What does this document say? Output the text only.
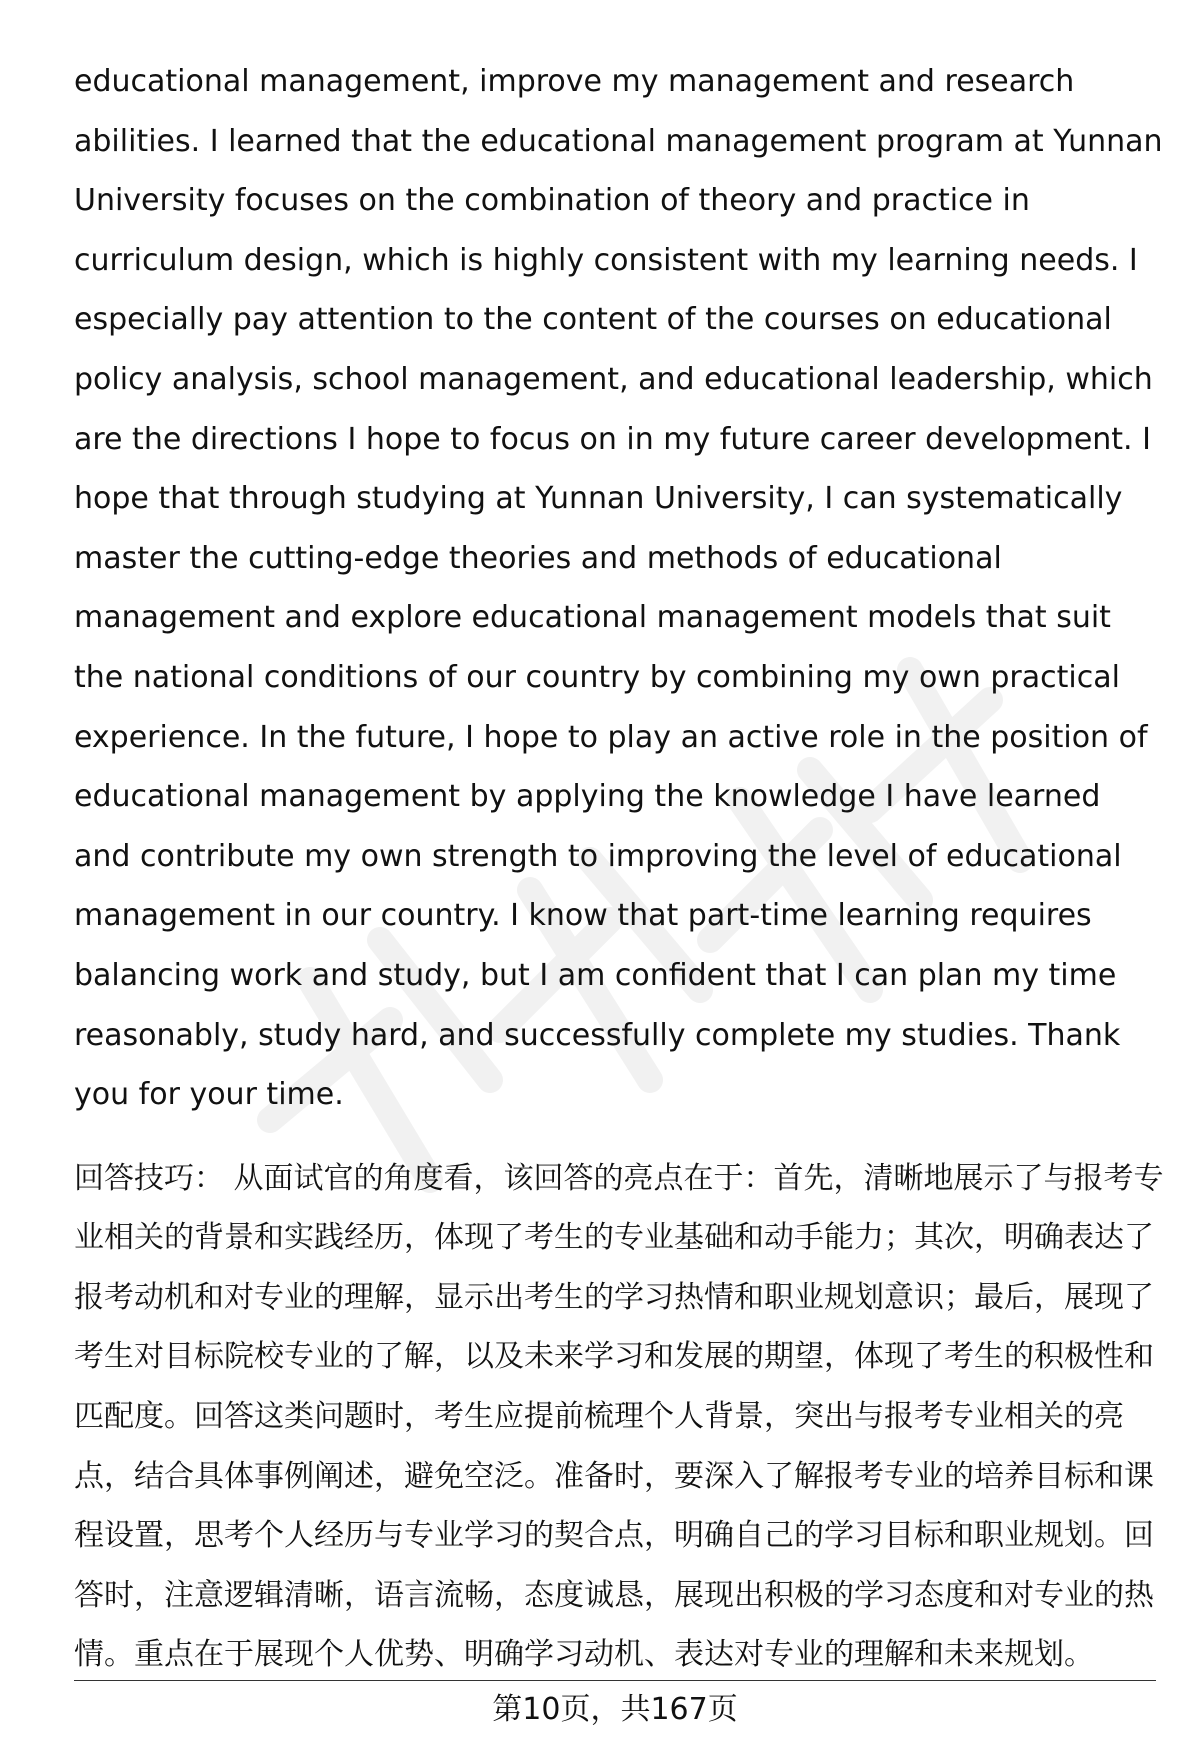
educational management, improve my management and research abilities. I learned that the educational management program at Yunnan University focuses on the combination of theory and practice in curriculum design, which is highly consistent with my learning needs. I especially pay attention to the content of the courses on educational policy analysis, school management, and educational leadership, which are the directions I hope to focus on in my future career development. I hope that through studying at Yunnan University, I can systematically master the cutting-edge theories and methods of educational management and explore educational management models that suit the national conditions of our country by combining my own practical experience. In the future, I hope to play an active role in the position of educational management by applying the knowledge I have learned and contribute my own strength to improving the level of educational management in our country. I know that part-time learning requires balancing work and study, but I am confident that I can plan my time reasonably, study hard, and successfully complete my studies. Thank you for your time.

回答技巧： 从面试官的角度看，该回答的亮点在于：首先，清晰地展示了与报考专业相关的背景和实践经历，体现了考生的专业基础和动手能力；其次，明确表达了报考动机和对专业的理解，显示出考生的学习热情和职业规划意识；最后，展现了考生对目标院校专业的了解，以及未来学习和发展的期望，体现了考生的积极性和匹配度。回答这类问题时，考生应提前梳理个人背景，突出与报考专业相关的亮点，结合具体事例阐述，避免空泛。准备时，要深入了解报考专业的培养目标和课程设置，思考个人经历与专业学习的契合点，明确自己的学习目标和职业规划。回答时，注意逻辑清晰，语言流畅，态度诚恳，展现出积极的学习态度和对专业的热情。重点在于展现个人优势、明确学习动机、表达对专业的理解和未来规划。

第10页，共167页
